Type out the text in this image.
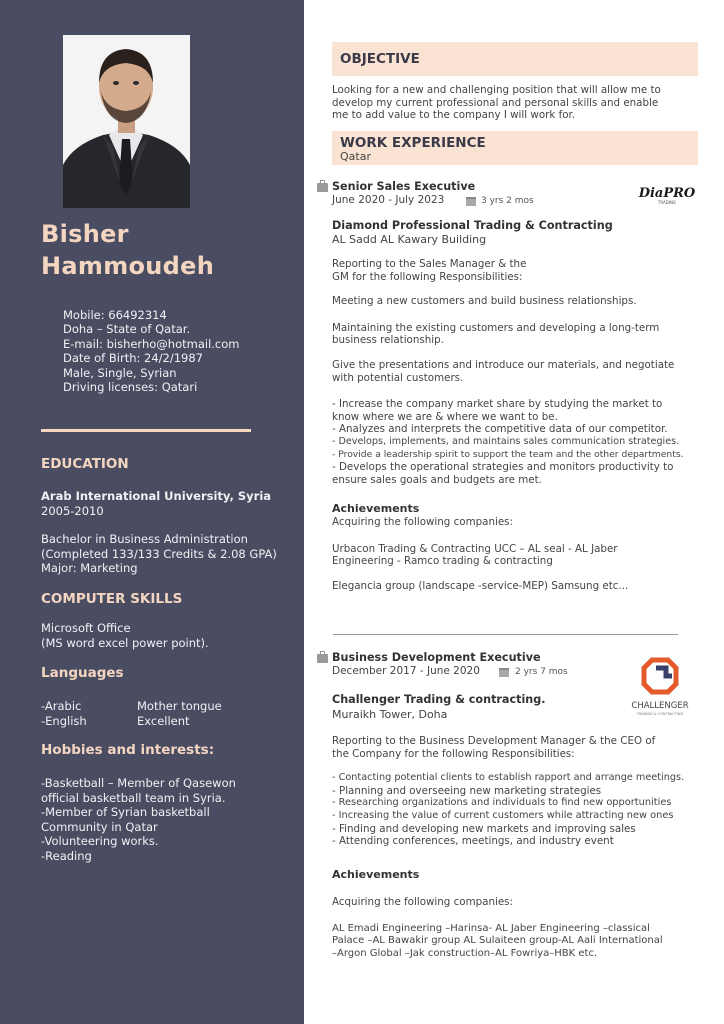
Bisher
Hammoudeh
Mobile: 66492314
Doha – State of Qatar.
E-mail: bisherho@hotmail.com
Date of Birth: 24/2/1987
Male, Single, Syrian
Driving licenses: Qatari
EDUCATION
Arab International University, Syria
2005-2010
Bachelor in Business Administration
(Completed 133/133 Credits & 2.08 GPA)
Major: Marketing
COMPUTER SKILLS
Microsoft Office
(MS word excel power point).
Languages
-Arabic	Mother tongue
-English	Excellent
Hobbies and interests:
-Basketball – Member of Qasewon
official basketball team in Syria.
-Member of Syrian basketball
Community in Qatar
-Volunteering works.
-Reading
OBJECTIVE
Looking for a new and challenging position that will allow me to
develop my current professional and personal skills and enable
me to add value to the company I will work for.
WORK EXPERIENCE
Qatar
Senior Sales Executive
June 2020 - July 2023	3 yrs 2 mos	DiaPRO
TRADING
Diamond Professional Trading & Contracting
AL Sadd AL Kawary Building
Reporting to the Sales Manager & the
GM for the following Responsibilities:
Meeting a new customers and build business relationships.
Maintaining the existing customers and developing a long-term
business relationship.
Give the presentations and introduce our materials, and negotiate
with potential customers.
- Increase the company market share by studying the market to
know where we are & where we want to be.
- Analyzes and interprets the competitive data of our competitor.
- Develops, implements, and maintains sales communication strategies.
- Provide a leadership spirit to support the team and the other departments.
- Develops the operational strategies and monitors productivity to
ensure sales goals and budgets are met.
Achievements
Acquiring the following companies:
Urbacon Trading & Contracting UCC – AL seal - AL Jaber
Engineering - Ramco trading & contracting
Elegancia group (landscape -service-MEP) Samsung etc...
Business Development Executive
December 2017 - June 2020	2 yrs 7 mos
CHALLENGER
TRADING & CONTRACTING
Challenger Trading & contracting.
Muraikh Tower, Doha
Reporting to the Business Development Manager & the CEO of
the Company for the following Responsibilities:
- Contacting potential clients to establish rapport and arrange meetings.
- Planning and overseeing new marketing strategies
- Researching organizations and individuals to find new opportunities
- Increasing the value of current customers while attracting new ones
- Finding and developing new markets and improving sales
- Attending conferences, meetings, and industry event
Achievements
Acquiring the following companies:
AL Emadi Engineering –Harinsa- AL Jaber Engineering –classical
Palace –AL Bawakir group AL Sulaiteen group-AL Aali International
–Argon Global –Jak construction–AL Fowriya–HBK etc.
